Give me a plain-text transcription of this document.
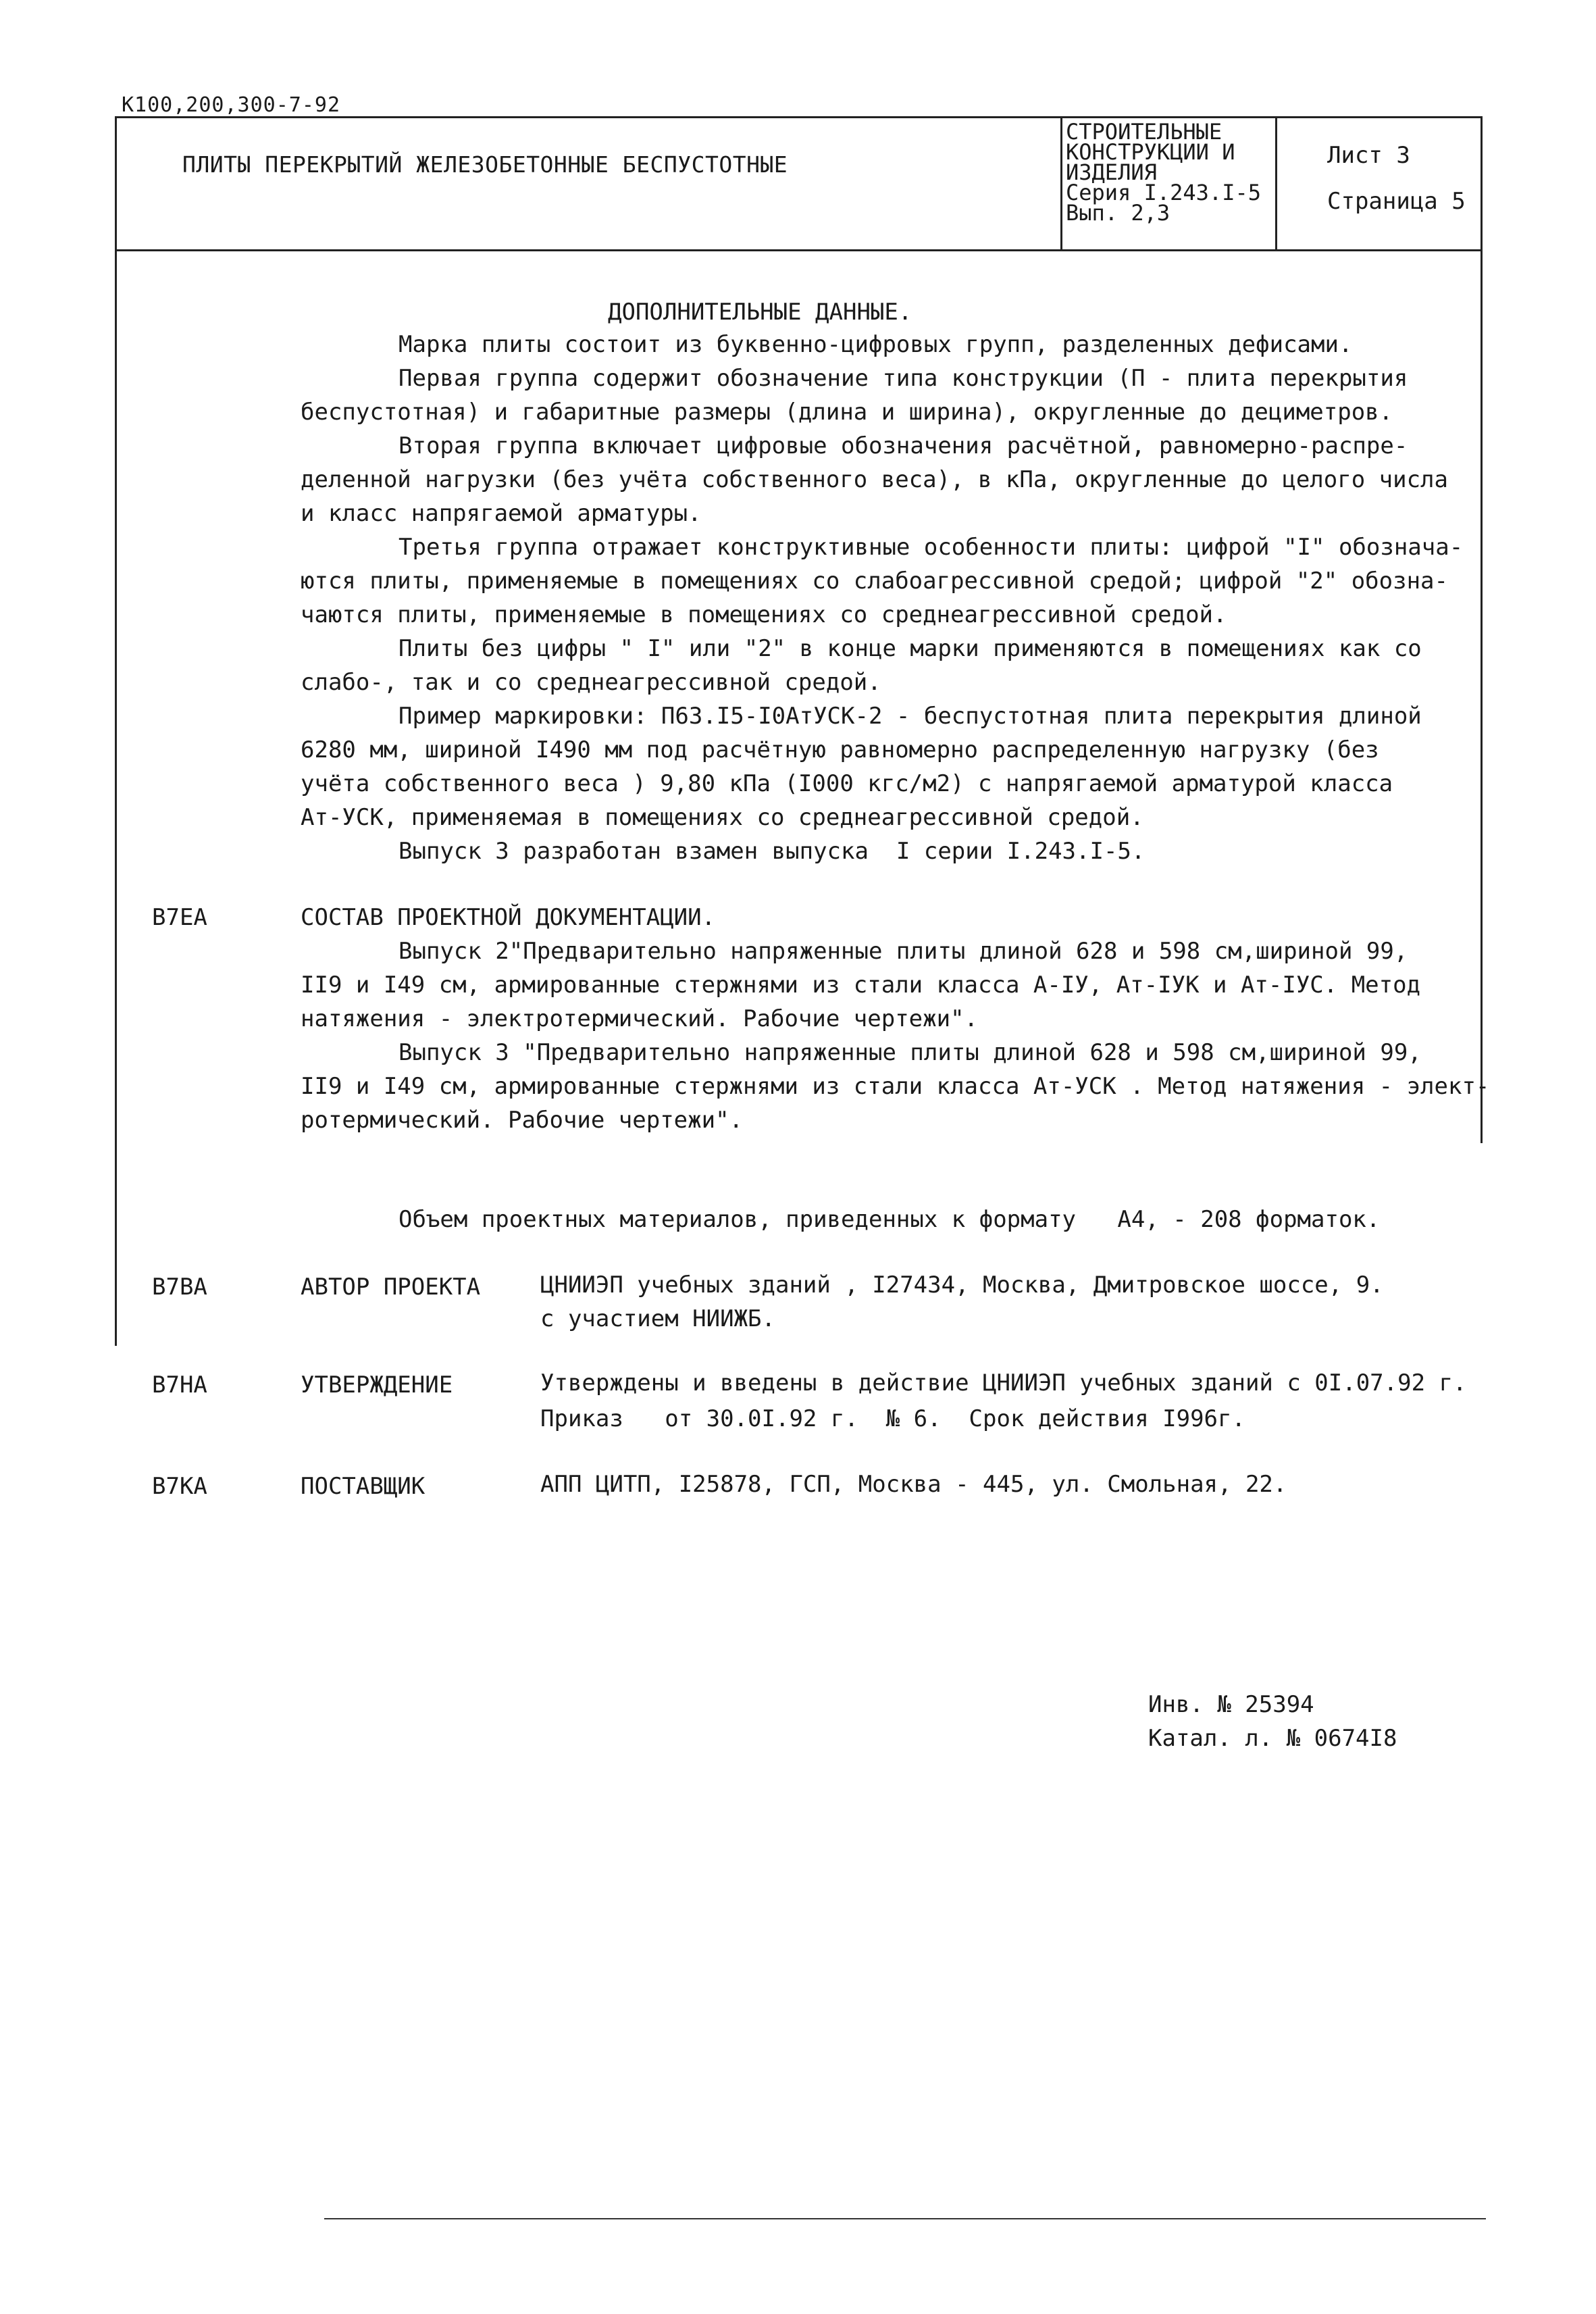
К100,200,300-7-92
ПЛИТЫ ПЕРЕКРЫТИЙ ЖЕЛЕЗОБЕТОННЫЕ БЕСПУСТОТНЫЕ
СТРОИТЕЛЬНЫЕ
КОНСТРУКЦИИ И
ИЗДЕЛИЯ
Серия I.243.I-5
Вып. 2,3
Лист 3
Страница 5
ДОПОЛНИТЕЛЬНЫЕ ДАННЫЕ.
Марка плиты состоит из буквенно-цифровых групп, разделенных дефисами.
Первая группа содержит обозначение типа конструкции (П - плита перекрытия
беспустотная) и габаритные размеры (длина и ширина), округленные до дециметров.
Вторая группа включает цифровые обозначения расчётной, равномерно-распре-
деленной нагрузки (без учёта собственного веса), в кПа, округленные до целого числа
и класс напрягаемой арматуры.
Третья группа отражает конструктивные особенности плиты: цифрой "I" обознача-
ются плиты, применяемые в помещениях со слабоагрессивной средой; цифрой "2" обозна-
чаются плиты, применяемые в помещениях со среднеагрессивной средой.
Плиты без цифры " I" или "2" в конце марки применяются в помещениях как со
слабо-, так и со среднеагрессивной средой.
Пример маркировки: П63.I5-I0АтУСК-2 - беспустотная плита перекрытия длиной
6280 мм, шириной I490 мм под расчётную равномерно распределенную нагрузку (без
учёта собственного веса ) 9,80 кПа (I000 кгс/м2) с напрягаемой арматурой класса
Ат-УСК, применяемая в помещениях со среднеагрессивной средой.
Выпуск 3 разработан взамен выпуска  I серии I.243.I-5.
В7ЕА	СОСТАВ ПРОЕКТНОЙ ДОКУМЕНТАЦИИ.
Выпуск 2"Предварительно напряженные плиты длиной 628 и 598 см,шириной 99,
II9 и I49 см, армированные стержнями из стали класса А-IУ, Ат-IУК и Ат-IУС. Метод
натяжения - электротермический. Рабочие чертежи".
Выпуск 3 "Предварительно напряженные плиты длиной 628 и 598 см,шириной 99,
II9 и I49 см, армированные стержнями из стали класса Ат-УСК . Метод натяжения - элект-
ротермический. Рабочие чертежи".
Объем проектных материалов, приведенных к формату   А4, - 208 форматок.
В7ВА	АВТОР ПРОЕКТА	ЦНИИЭП учебных зданий , I27434, Москва, Дмитровское шоссе, 9.
с участием НИИЖБ.
В7НА	УТВЕРЖДЕНИЕ	Утверждены и введены в действие ЦНИИЭП учебных зданий с 0I.07.92 г.
Приказ   от 30.0I.92 г.  № 6.  Срок действия I996г.
В7КА	ПОСТАВЩИК	АПП ЦИТП, I25878, ГСП, Москва - 445, ул. Смольная, 22.
Инв. № 25394
Катал. л. № 0674I8
